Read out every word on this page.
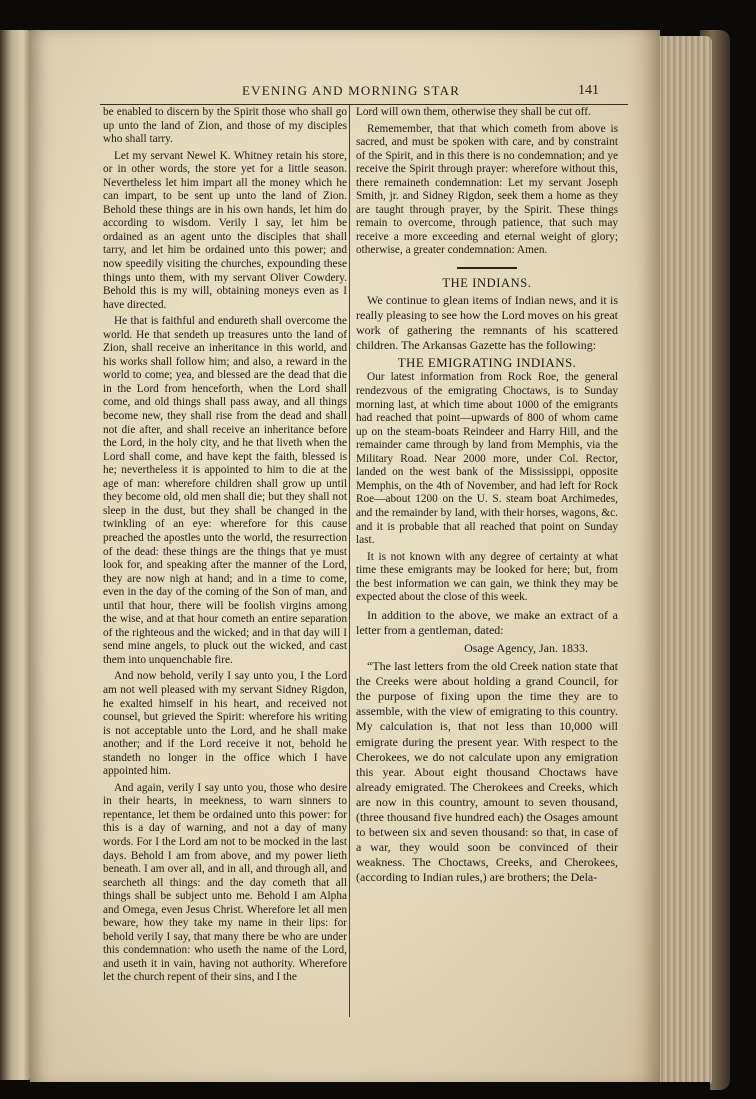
EVENING AND MORNING STAR	141

be enabled to discern by the Spirit those who shall go up unto the land of Zion, and those of my disciples who shall tarry.

Let my servant Newel K. Whitney retain his store, or in other words, the store yet for a little season. Nevertheless let him impart all the money which he can impart, to be sent up unto the land of Zion. Behold these things are in his own hands, let him do according to wisdom. Verily I say, let him be ordained as an agent unto the disciples that shall tarry, and let him be ordained unto this power; and now speedily visiting the churches, expounding these things unto them, with my servant Oliver Cowdery. Behold this is my will, obtaining moneys even as I have directed.

He that is faithful and endureth shall overcome the world. He that sendeth up treasures unto the land of Zion, shall receive an inheritance in this world, and his works shall follow him; and also, a reward in the world to come; yea, and blessed are the dead that die in the Lord from henceforth, when the Lord shall come, and old things shall pass away, and all things become new, they shall rise from the dead and shall not die after, and shall receive an inheritance before the Lord, in the holy city, and he that liveth when the Lord shall come, and have kept the faith, blessed is he; nevertheless it is appointed to him to die at the age of man: wherefore children shall grow up until they become old, old men shall die; but they shall not sleep in the dust, but they shall be changed in the twinkling of an eye: wherefore for this cause preached the apostles unto the world, the resurrection of the dead: these things are the things that ye must look for, and speaking after the manner of the Lord, they are now nigh at hand; and in a time to come, even in the day of the coming of the Son of man, and until that hour, there will be foolish virgins among the wise, and at that hour cometh an entire separation of the righteous and the wicked; and in that day will I send mine angels, to pluck out the wicked, and cast them into unquenchable fire.

And now behold, verily I say unto you, I the Lord am not well pleased with my servant Sidney Rigdon, he exalted himself in his heart, and received not counsel, but grieved the Spirit: wherefore his writing is not acceptable unto the Lord, and he shall make another; and if the Lord receive it not, behold he standeth no longer in the office which I have appointed him.

And again, verily I say unto you, those who desire in their hearts, in meekness, to warn sinners to repentance, let them be ordained unto this power: for this is a day of warning, and not a day of many words. For I the Lord am not to be mocked in the last days. Behold I am from above, and my power lieth beneath. I am over all, and in all, and through all, and searcheth all things: and the day cometh that all things shall be subject unto me. Behold I am Alpha and Omega, even Jesus Christ. Wherefore let all men beware, how they take my name in their lips: for behold verily I say, that many there be who are under this condemnation: who useth the name of the Lord, and useth it in vain, having not authority. Wherefore let the church repent of their sins, and I the

Lord will own them, otherwise they shall be cut off.

Rememember, that that which cometh from above is sacred, and must be spoken with care, and by constraint of the Spirit, and in this there is no condemnation; and ye receive the Spirit through prayer: wherefore without this, there remaineth condemnation: Let my servant Joseph Smith, jr. and Sidney Rigdon, seek them a home as they are taught through prayer, by the Spirit. These things remain to overcome, through patience, that such may receive a more exceeding and eternal weight of glory; otherwise, a greater condemnation: Amen.

THE INDIANS.

We continue to glean items of Indian news, and it is really pleasing to see how the Lord moves on his great work of gathering the remnants of his scattered children. The Arkansas Gazette has the following:

THE EMIGRATING INDIANS.

Our latest information from Rock Roe, the general rendezvous of the emigrating Choctaws, is to Sunday morning last, at which time about 1000 of the emigrants had reached that point—upwards of 800 of whom came up on the steam-boats Reindeer and Harry Hill, and the remainder came through by land from Memphis, via the Military Road. Near 2000 more, under Col. Rector, landed on the west bank of the Mississippi, opposite Memphis, on the 4th of November, and had left for Rock Roe—about 1200 on the U. S. steam boat Archimedes, and the remainder by land, with their horses, wagons, &c. and it is probable that all reached that point on Sunday last.

It is not known with any degree of certainty at what time these emigrants may be looked for here; but, from the best information we can gain, we think they may be expected about the close of this week.

In addition to the above, we make an extract of a letter from a gentleman, dated:

Osage Agency, Jan. 1833.

“The last letters from the old Creek nation state that the Creeks were about holding a grand Council, for the purpose of fixing upon the time they are to assemble, with the view of emigrating to this country. My calculation is, that not less than 10,000 will emigrate during the present year. With respect to the Cherokees, we do not calculate upon any emigration this year. About eight thousand Choctaws have already emigrated. The Cherokees and Creeks, which are now in this country, amount to seven thousand, (three thousand five hundred each) the Osages amount to between six and seven thousand: so that, in case of a war, they would soon be convinced of their weakness. The Choctaws, Creeks, and Cherokees, (according to Indian rules,) are brothers; the Dela-
